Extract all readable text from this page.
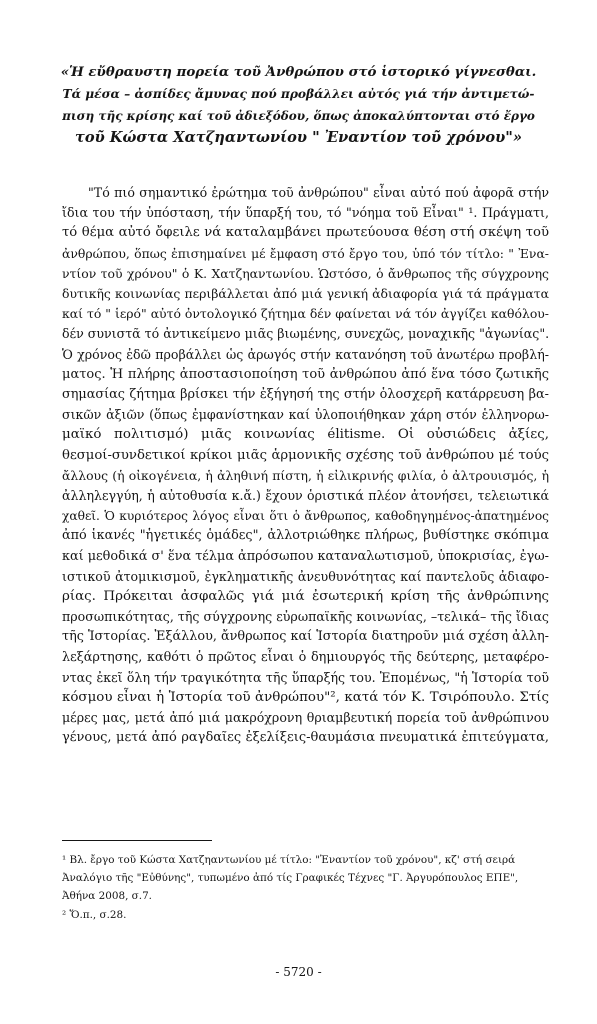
«Ἡ εὔθραυστη πορεία τοῦ Ἀνθρώπου στό ἱστορικό γίγνεσθαι.
Τά μέσα – ἀσπίδες ἄμυνας πού προβάλλει αὐτός γιά τήν ἀντιμετώ-
πιση τῆς κρίσης καί τοῦ ἀδιεξόδου, ὅπως ἀποκαλύπτονται στό ἔργο
τοῦ Κώστα Χατζηαντωνίου " Ἐναντίον τοῦ χρόνου"»
"Τό πιό σημαντικό ἐρώτημα τοῦ ἀνθρώπου" εἶναι αὐτό πού ἀφορᾶ στήν
ἴδια του τήν ὑπόσταση, τήν ὕπαρξή του, τό "νόημα τοῦ Εἶναι" ¹. Πράγματι,
τό θέμα αὐτό ὄφειλε νά καταλαμβάνει πρωτεύουσα θέση στή σκέψη τοῦ
ἀνθρώπου, ὅπως ἐπισημαίνει μέ ἔμφαση στό ἔργο του, ὑπό τόν τίτλο: " Ἐνα-
ντίον τοῦ χρόνου" ὁ Κ. Χατζηαντωνίου. Ὡστόσο, ὁ ἄνθρωπος τῆς σύγχρονης
δυτικῆς κοινωνίας περιβάλλεται ἀπό μιά γενική ἀδιαφορία γιά τά πράγματα
καί τό " ἱερό" αὐτό ὀντολογικό ζήτημα δέν φαίνεται νά τόν ἀγγίζει καθόλου-
δέν συνιστᾶ τό ἀντικείμενο μιᾶς βιωμένης, συνεχῶς, μοναχικῆς "ἀγωνίας".
Ὁ χρόνος ἐδῶ προβάλλει ὡς ἀρωγός στήν κατανόηση τοῦ ἀνωτέρω προβλή-
ματος. Ἡ πλήρης ἀποστασιοποίηση τοῦ ἀνθρώπου ἀπό ἕνα τόσο ζωτικῆς
σημασίας ζήτημα βρίσκει τήν ἐξήγησή της στήν ὁλοσχερῆ κατάρρευση βα-
σικῶν ἀξιῶν (ὅπως ἐμφανίστηκαν καί ὑλοποιήθηκαν χάρη στόν ἑλληνορω-
μαϊκό πολιτισμό) μιᾶς κοινωνίας élitisme. Οἱ οὐσιώδεις ἀξίες,
θεσμοί-συνδετικοί κρίκοι μιᾶς ἁρμονικῆς σχέσης τοῦ ἀνθρώπου μέ τούς
ἄλλους (ἡ οἰκογένεια, ἡ ἀληθινή πίστη, ἡ εἰλικρινής φιλία, ὁ ἀλτρουισμός, ἡ
ἀλληλεγγύη, ἡ αὐτοθυσία κ.ἄ.) ἔχουν ὁριστικά πλέον ἀτονήσει, τελειωτικά
χαθεῖ. Ὁ κυριότερος λόγος εἶναι ὅτι ὁ ἄνθρωπος, καθοδηγημένος-ἀπατημένος
ἀπό ἱκανές "ἡγετικές ὁμάδες", ἀλλοτριώθηκε πλήρως, βυθίστηκε σκόπιμα
καί μεθοδικά σ' ἕνα τέλμα ἀπρόσωπου καταναλωτισμοῦ, ὑποκρισίας, ἐγω-
ιστικοῦ ἀτομικισμοῦ, ἐγκληματικῆς ἀνευθυνότητας καί παντελοῦς ἀδιαφο-
ρίας. Πρόκειται ἀσφαλῶς γιά μιά ἐσωτερική κρίση τῆς ἀνθρώπινης
προσωπικότητας, τῆς σύγχρονης εὐρωπαϊκῆς κοινωνίας, –τελικά– τῆς ἴδιας
τῆς Ἱστορίας. Ἐξάλλου, ἄνθρωπος καί Ἱστορία διατηροῦν μιά σχέση ἀλλη-
λεξάρτησης, καθότι ὁ πρῶτος εἶναι ὁ δημιουργός τῆς δεύτερης, μεταφέρο-
ντας ἐκεῖ ὅλη τήν τραγικότητα τῆς ὕπαρξής του. Ἑπομένως, "ἡ Ἱστορία τοῦ
κόσμου εἶναι ἡ Ἱστορία τοῦ ἀνθρώπου"², κατά τόν Κ. Τσιρόπουλο. Στίς
μέρες μας, μετά ἀπό μιά μακρόχρονη θριαμβευτική πορεία τοῦ ἀνθρώπινου
γένους, μετά ἀπό ραγδαῖες ἐξελίξεις-θαυμάσια πνευματικά ἐπιτεύγματα,
¹ Βλ. ἔργο τοῦ Κώστα Χατζηαντωνίου μέ τίτλο: "Ἐναντίον τοῦ χρόνου", κζ' στή σειρά
Ἀναλόγιο τῆς "Εὐθύνης", τυπωμένο ἀπό τίς Γραφικές Τέχνες "Γ. Ἀργυρόπουλος ΕΠΕ",
Ἀθήνα 2008, σ.7.
² Ὅ.π., σ.28.
- 5720 -
